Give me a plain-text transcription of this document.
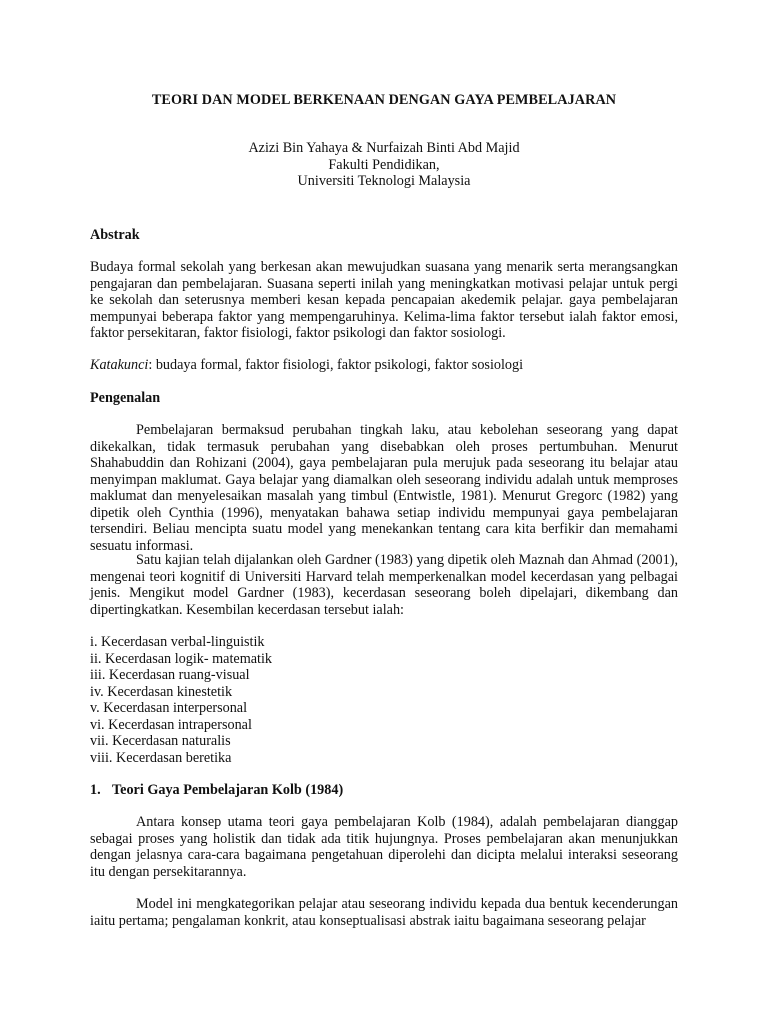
TEORI DAN MODEL BERKENAAN DENGAN GAYA PEMBELAJARAN
Azizi Bin Yahaya & Nurfaizah Binti Abd Majid
Fakulti Pendidikan,
Universiti Teknologi Malaysia
Abstrak
Budaya formal sekolah yang berkesan akan mewujudkan suasana yang menarik serta merangsangkan pengajaran dan pembelajaran. Suasana seperti inilah yang meningkatkan motivasi pelajar untuk pergi ke sekolah dan seterusnya memberi kesan kepada pencapaian akedemik pelajar. gaya pembelajaran mempunyai beberapa faktor yang mempengaruhinya. Kelima-lima faktor tersebut ialah faktor emosi, faktor persekitaran, faktor fisiologi, faktor psikologi dan faktor sosiologi.
Katakunci: budaya formal, faktor fisiologi, faktor psikologi, faktor sosiologi
Pengenalan
Pembelajaran bermaksud perubahan tingkah laku, atau kebolehan seseorang yang dapat dikekalkan, tidak termasuk perubahan yang disebabkan oleh proses pertumbuhan. Menurut Shahabuddin dan Rohizani (2004), gaya pembelajaran pula merujuk pada seseorang itu belajar atau menyimpan maklumat. Gaya belajar yang diamalkan oleh seseorang individu adalah untuk memproses maklumat dan menyelesaikan masalah yang timbul (Entwistle, 1981). Menurut Gregorc (1982) yang dipetik oleh Cynthia (1996), menyatakan bahawa setiap individu mempunyai gaya pembelajaran tersendiri. Beliau mencipta suatu model yang menekankan tentang cara kita berfikir dan memahami sesuatu informasi.
Satu kajian telah dijalankan oleh Gardner (1983) yang dipetik oleh Maznah dan Ahmad (2001), mengenai teori kognitif di Universiti Harvard telah memperkenalkan model kecerdasan yang pelbagai jenis. Mengikut model Gardner (1983), kecerdasan seseorang boleh dipelajari, dikembang dan dipertingkatkan. Kesembilan kecerdasan tersebut ialah:
i. Kecerdasan verbal-linguistik
ii. Kecerdasan logik- matematik
iii. Kecerdasan ruang-visual
iv. Kecerdasan kinestetik
v. Kecerdasan interpersonal
vi. Kecerdasan intrapersonal
vii. Kecerdasan naturalis
viii. Kecerdasan beretika
1. Teori Gaya Pembelajaran Kolb (1984)
Antara konsep utama teori gaya pembelajaran Kolb (1984), adalah pembelajaran dianggap sebagai proses yang holistik dan tidak ada titik hujungnya. Proses pembelajaran akan menunjukkan dengan jelasnya cara-cara bagaimana pengetahuan diperolehi dan dicipta melalui interaksi seseorang itu dengan persekitarannya.
Model ini mengkategorikan pelajar atau seseorang individu kepada dua bentuk kecenderungan iaitu pertama; pengalaman konkrit, atau konseptualisasi abstrak iaitu bagaimana seseorang pelajar
